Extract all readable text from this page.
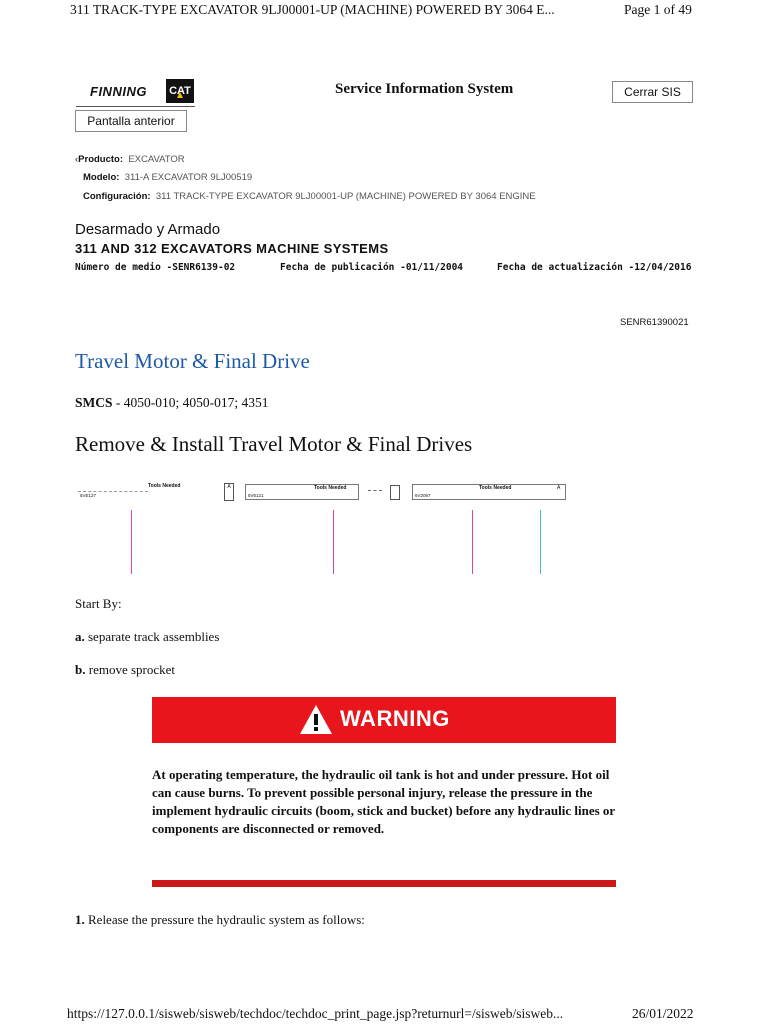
311 TRACK-TYPE EXCAVATOR 9LJ00001-UP (MACHINE) POWERED BY 3064 E...	Page 1 of 49
FINNING CAT	Service Information System	Cerrar SIS
Pantalla anterior
‹Producto: EXCAVATOR
Modelo: 311-A EXCAVATOR 9LJ00519
Configuración: 311 TRACK-TYPE EXCAVATOR 9LJ00001-UP (MACHINE) POWERED BY 3064 ENGINE
Desarmado y Armado
311 AND 312 EXCAVATORS MACHINE SYSTEMS
Número de medio -SENR6139-02	Fecha de publicación -01/11/2004	Fecha de actualización -12/04/2016
SENR61390021
Travel Motor & Final Drive
SMCS - 4050-010; 4050-017; 4351
Remove & Install Travel Motor & Final Drives
Tools Needed
5VE127
A	Tools Needed
5V6121
Tools Needed
6V2067
A
Start By:
a. separate track assemblies
b. remove sprocket
WARNING
At operating temperature, the hydraulic oil tank is hot and under pressure. Hot oil can cause burns. To prevent possible personal injury, release the pressure in the implement hydraulic circuits (boom, stick and bucket) before any hydraulic lines or components are disconnected or removed.
1. Release the pressure the hydraulic system as follows:
https://127.0.0.1/sisweb/sisweb/techdoc/techdoc_print_page.jsp?returnurl=/sisweb/sisweb...	26/01/2022
